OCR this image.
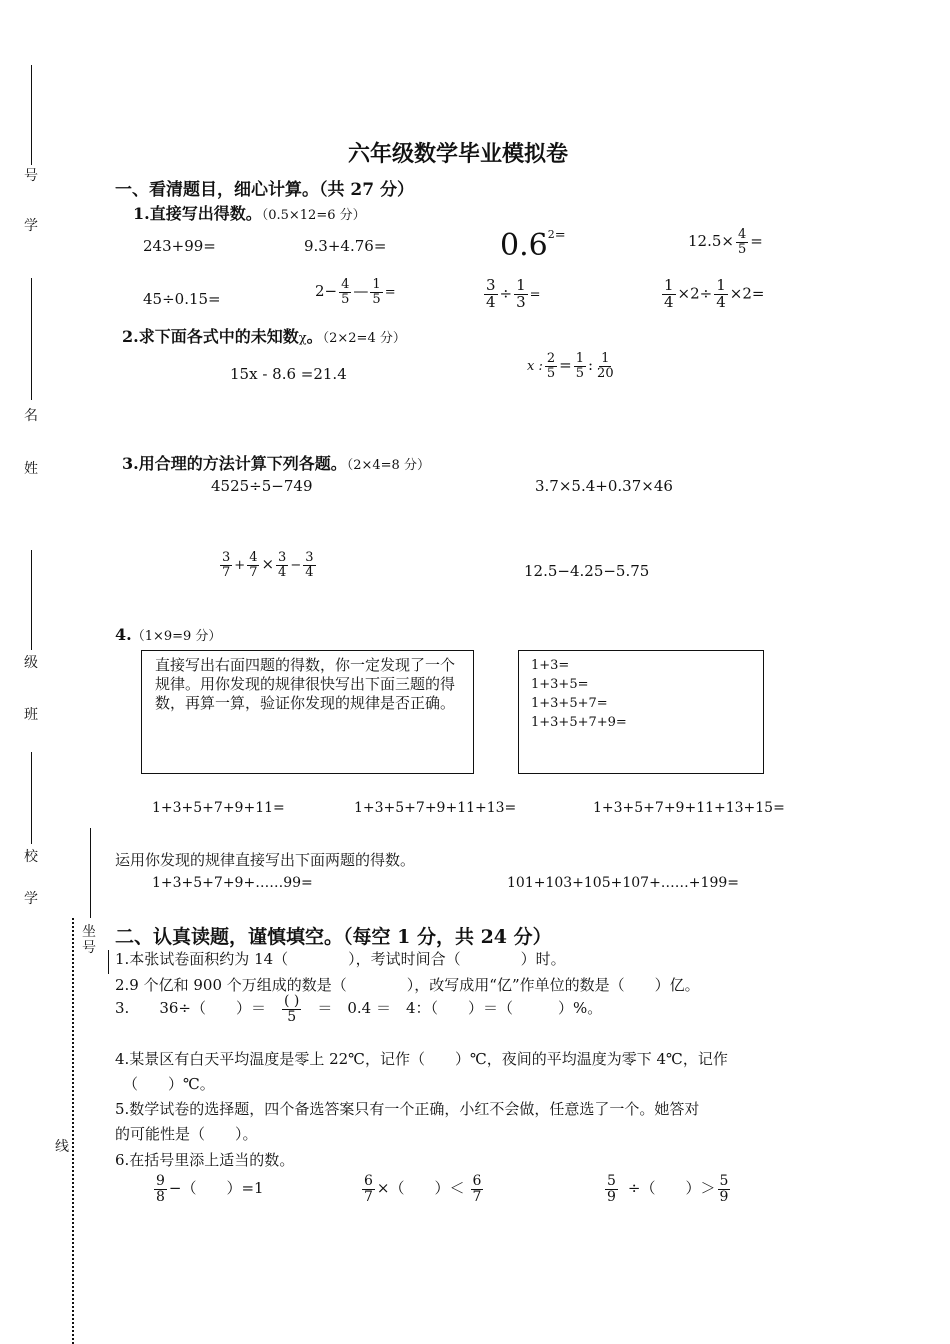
号
学
名
姓
级
班
校
学
坐号
线
六年级数学毕业模拟卷
一、看清题目，细心计算。（共 27 分）
1.直接写出得数。（0.5×12=6 分）
243+99=	9.3+4.76=	$0.6^{2=}$	$12.5\times \frac{4}{5}$ =
45÷0.15=	$2- \frac{4}{5}$ — $\frac{1}{5}$ =	$\frac{3}{4} \div \frac{1}{3}$ =	$\frac{1}{4} \times 2\div \frac{1}{4} \times 2=$
2.求下面各式中的未知数χ。（2×2=4 分）
15x - 8.6 =21.4	x : $\frac{2}{5} = \frac{1}{5}$ : $\frac{1}{20}$
3.用合理的方法计算下列各题。（2×4=8 分）
4525÷5−749	3.7×5.4+0.37×46
$\frac{3}{7} + \frac{4}{7} \times \frac{3}{4} - \frac{3}{4}$	12.5−4.25−5.75
4.（1×9=9 分）
直接写出右面四题的得数，你一定发现了一个规律。用你发现的规律很快写出下面三题的得数，再算一算，验证你发现的规律是否正确。
1+3=
1+3+5=
1+3+5+7=
1+3+5+7+9=
1+3+5+7+9+11=	1+3+5+7+9+11+13=	1+3+5+7+9+11+13+15=
运用你发现的规律直接写出下面两题的得数。
1+3+5+7+9+……99=	101+103+105+107+……+199=
二、认真读题，谨慎填空。（每空 1 分，共 24 分）
1.本张试卷面积约为 14（　　　　），考试时间合（　　　　）时。
2.9 个亿和 900 个万组成的数是（　　　　），改写成用“亿”作单位的数是（　　）亿。
3. 36÷（　　）＝ $\frac{( )}{5}$ ＝　0.4 ＝　4：（　　）＝（　　　）%。
4.某景区有白天平均温度是零上 22℃，记作（　　）℃，夜间的平均温度为零下 4℃，记作
（　　）℃。
5.数学试卷的选择题，四个备选答案只有一个正确，小红不会做，任意选了一个。她答对
的可能性是（　　）。
6.在括号里添上适当的数。
$\frac{9}{8}$ −（　　）=1	$\frac{6}{7}$ ×（　　）＜ $\frac{6}{7}$	$\frac{5}{9}$ ÷（　　）＞ $\frac{5}{9}$
